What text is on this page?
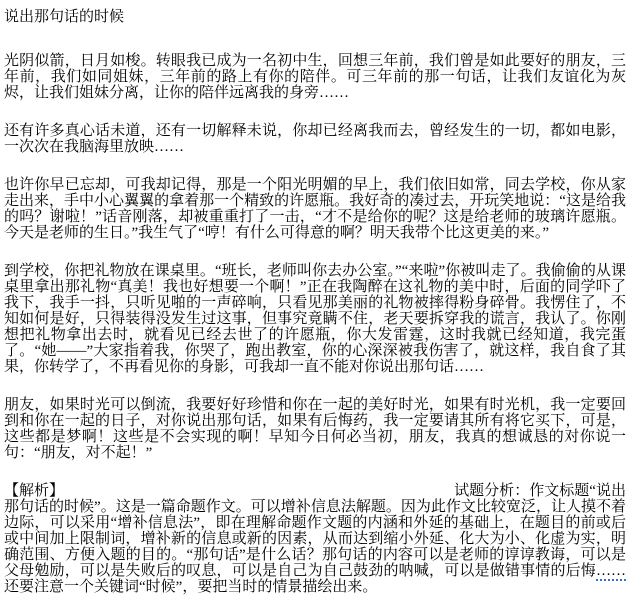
说出那句话的时候

光阴似箭，日月如梭。转眼我已成为一名初中生，回想三年前，我们曾是如此要好的朋友，三年前，我们如同姐妹，三年前的路上有你的陪伴。可三年前的那一句话，让我们友谊化为灰烬，让我们姐妹分离，让你的陪伴远离我的身旁……

还有许多真心话未道，还有一切解释未说，你却已经离我而去，曾经发生的一切，都如电影，一次次在我脑海里放映……

也许你早已忘却，可我却记得，那是一个阳光明媚的早上，我们依旧如常，同去学校，你从家走出来，手中小心翼翼的拿着那一个精致的许愿瓶。我好奇的凑过去，开玩笑地说：“这是给我的吗？谢啦！”话音刚落，却被重重打了一击，“才不是给你的呢？这是给老师的玻璃许愿瓶。今天是老师的生日。”我生气了“哼！有什么可得意的啊？明天我带个比这更美的来。”

到学校，你把礼物放在课桌里。“班长，老师叫你去办公室。”“来啦”你被叫走了。我偷偷的从课桌里拿出那礼物“真美！我也好想要一个啊！”正在我陶醉在这礼物的美中时，后面的同学吓了我下，我手一抖，只听见啪的一声碎响，只看见那美丽的礼物被摔得粉身碎骨。我愣住了，不知如何是好，只得装得没发生过这事，但事究竟瞒不住，老天要拆穿我的谎言，我认了。你刚想把礼物拿出去时，就看见已经去世了的许愿瓶，你大发雷霆，这时我就已经知道，我完蛋了。“她——”大家指着我，你哭了，跑出教室，你的心深深被我伤害了，就这样，我自食了其果，你转学了，不再看见你的身影，可我却一直不能对你说出那句话……

朋友，如果时光可以倒流，我要好好珍惜和你在一起的美好时光，如果有时光机，我一定要回到和你在一起的日子，对你说出那句话，如果有后悔药，我一定要请其所有将它买下，可是，这些都是梦啊！这些是不会实现的啊！早知今日何必当初，朋友，我真的想诚恳的对你说一句：“朋友，对不起！”

【解析】	试题分析：作文标题“说出那句话的时候”。这是一篇命题作文。可以增补信息法解题。因为此作文比较宽泛，让人摸不着边际，可以采用“增补信息法”，即在理解命题作文题的内涵和外延的基础上，在题目的前或后或中间加上限制词，增补新的信息或新的因素，从而达到缩小外延、化大为小、化虚为实，明确范围、方便入题的目的。“那句话”是什么话？那句话的内容可以是老师的谆谆教诲，可以是父母勉励，可以是失败后的叹息，可以是自己为自己鼓劲的呐喊，可以是做错事情的后悔……还要注意一个关键词“时候”，要把当时的情景描绘出来。
